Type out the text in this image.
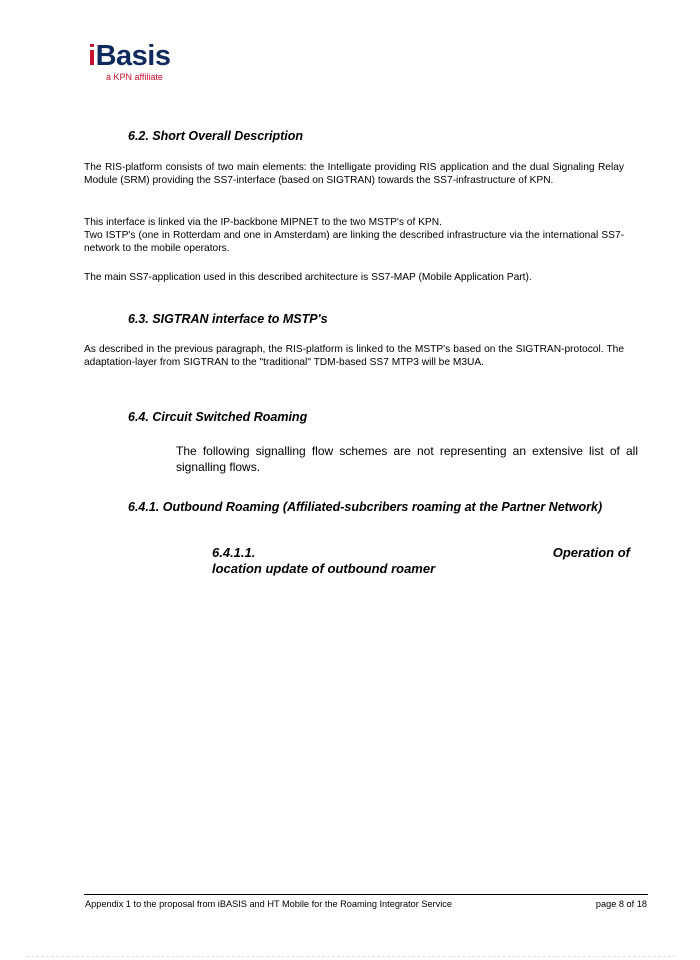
iBasis
a KPN affiliate
6.2. Short Overall Description
The RIS-platform consists of two main elements: the Intelligate providing RIS application and the dual Signaling Relay Module (SRM) providing the SS7-interface (based on SIGTRAN) towards the SS7-infrastructure of KPN.
This interface is linked via the IP-backbone MIPNET to the two MSTP's of KPN.
Two ISTP's (one in Rotterdam and one in Amsterdam) are linking the described infrastructure via the international SS7-network to the mobile operators.
The main SS7-application used in this described architecture is SS7-MAP (Mobile Application Part).
6.3. SIGTRAN interface to MSTP's
As described in the previous paragraph, the RIS-platform is linked to the MSTP's based on the SIGTRAN-protocol. The adaptation-layer from SIGTRAN to the "traditional" TDM-based SS7 MTP3 will be M3UA.
6.4. Circuit Switched Roaming
The following signalling flow schemes are not representing an extensive list of all signalling flows.
6.4.1. Outbound Roaming (Affiliated-subcribers roaming at the Partner Network)
6.4.1.1.	Operation of
location update of outbound roamer
Appendix 1 to the proposal from iBASIS and HT Mobile for the Roaming Integrator Service	page 8 of 18
